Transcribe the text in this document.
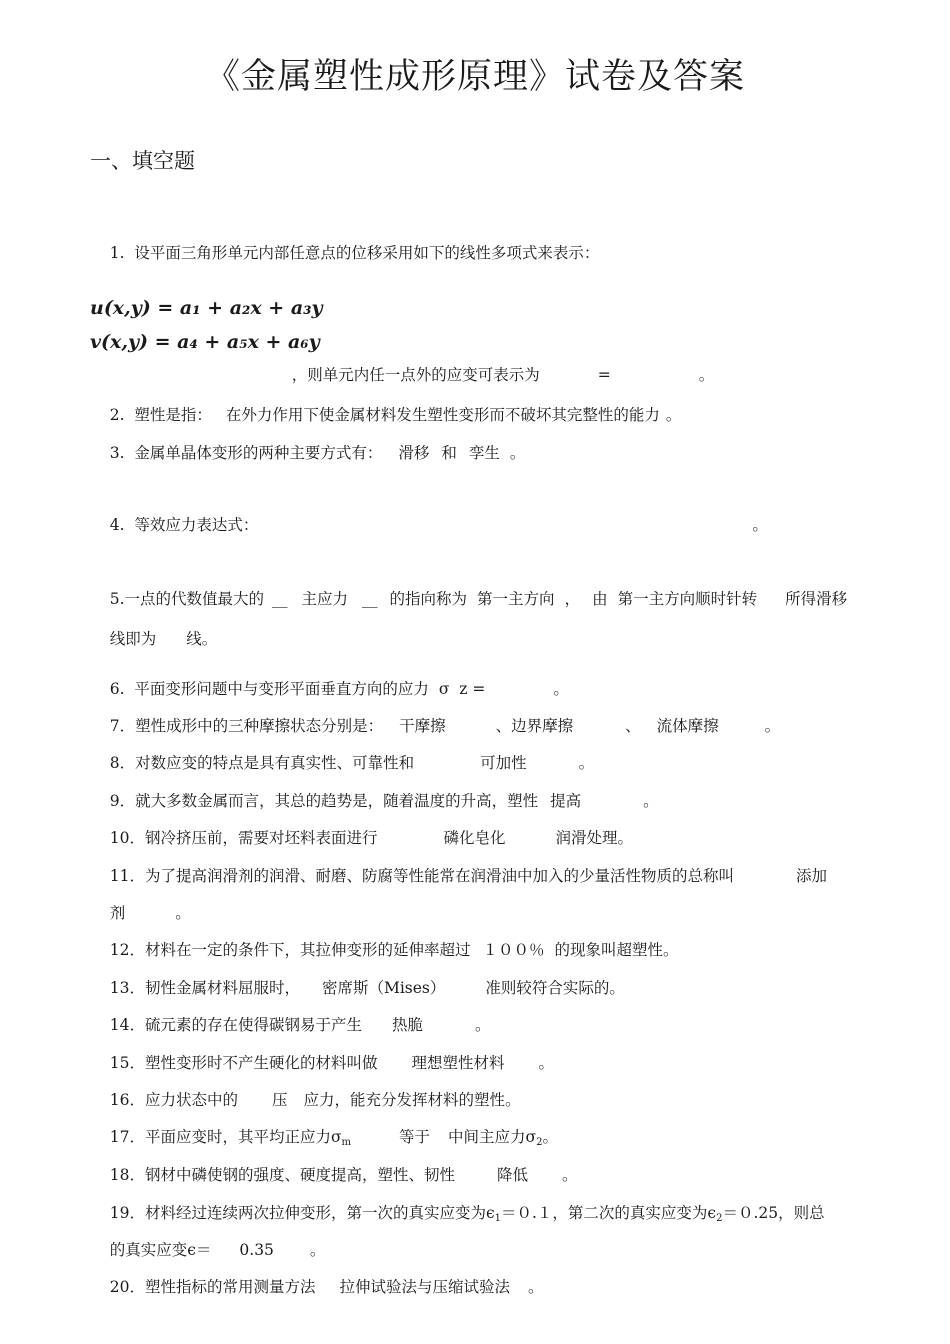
《金属塑性成形原理》试卷及答案
一、填空题

1.  设平面三角形单元内部任意点的位移采用如下的线性多项式来表示：

u(x,y) = a₁ + a₂x + a₃y
v(x,y) = a₄ + a₅x + a₆y

，则单元内任一点外的应变可表示为	=	。

2.  塑性是指： 在外力作用下使金属材料发生塑性变形而不破坏其完整性的能力 。

3.  金属单晶体变形的两种主要方式有： 滑移 和 孪生 。

4.  等效应力表达式：	。

5.一点的代数值最大的 __ 主应力 __ 的指向称为 第一主方向 ， 由 第一主方向顺时针转 所得滑移

线即为 线。

6.  平面变形问题中与变形平面垂直方向的应力 σ  z =	。

7．塑性成形中的三种摩擦状态分别是： 干摩擦	、边界摩擦	、 流体摩擦	。

8．对数应变的特点是具有真实性、可靠性和	可加性	。

9．就大多数金属而言，其总的趋势是，随着温度的升高，塑性 提高	。

10．钢冷挤压前，需要对坯料表面进行	磷化皂化	润滑处理。

11．为了提高润滑剂的润滑、耐磨、防腐等性能常在润滑油中加入的少量活性物质的总称叫	添加

剂	。

12．材料在一定的条件下，其拉伸变形的延伸率超过 １００％ 的现象叫超塑性。

13．韧性金属材料屈服时， 密席斯（Mises）	准则较符合实际的。

14．硫元素的存在使得碳钢易于产生 热脆	。

15．塑性变形时不产生硬化的材料叫做 理想塑性材料 。

16．应力状态中的 压 应力，能充分发挥材料的塑性。

17．平面应变时，其平均正应力σm	等于 中间主应力σ2。

18．钢材中磷使钢的强度、硬度提高，塑性、韧性	降低 。

19．材料经过连续两次拉伸变形，第一次的真实应变为ϵ1＝０.１，第二次的真实应变为ϵ2＝０.25，则总

的真实应变ϵ＝ 0.35 。

20．塑性指标的常用测量方法 拉伸试验法与压缩试验法 。
